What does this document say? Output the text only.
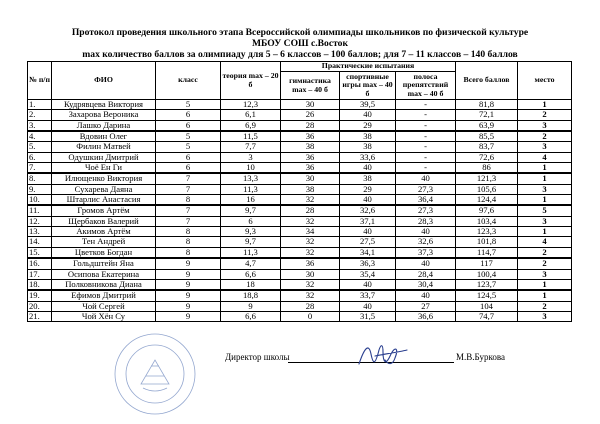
Протокол проведения школьного этапа Всероссийской олимпиады школьников по физической культуре
МБОУ СОШ с.Восток
max количество баллов за олимпиаду для 5 – 6 классов – 100 баллов; для 7 – 11 классов – 140 баллов
№ п/п	ФИО	класс	теория max – 20 б	Практические испытания			Всего баллов	место
				гимнастика max – 40 б	спортивные игры max – 40 б	полоса препятствий max – 40 б		
1.	Кудрявцева Виктория	5	12,3	30	39,5	-	81,8	1
2.	Захарова Вероника	6	6,1	26	40	-	72,1	2
3.	Лашко Дарина	6	6,9	28	29	-	63,9	3
4.	Вдовин Олег	5	11,5	36	38	-	85,5	2
5.	Филин Матвей	5	7,7	38	38	-	83,7	3
6.	Одушкин Дмитрий	6	3	36	33,6	-	72,6	4
7.	Чоё Ен Ги	6	10	36	40	-	86	1
8.	Илющенко Виктория	7	13,3	30	38	40	121,3	1
9.	Сухарева Даяна	7	11,3	38	29	27,3	105,6	3
10.	Штарлис Анастасия	8	16	32	40	36,4	124,4	1
11.	Громов Артём	7	9,7	28	32,6	27,3	97,6	5
12.	Щербаков Валерий	7	6	32	37,1	28,3	103,4	3
13.	Акимов Артём	8	9,3	34	40	40	123,3	1
14.	Тен Андрей	8	9,7	32	27,5	32,6	101,8	4
15.	Цветков Богдан	8	11,3	32	34,1	37,3	114,7	2
16.	Гольдштейн Яна	9	4,7	36	36,3	40	117	2
17.	Осипова Екатерина	9	6,6	30	35,4	28,4	100,4	3
18.	Полковникова Диана	9	18	32	40	30,4	123,7	1
19.	Ефимов Дмитрий	9	18,8	32	33,7	40	124,5	1
20.	Чой Сергей	9	9	28	40	27	104	2
21.	Чой Хён Су	9	6,6	0	31,5	36,6	74,7	3
Директор школы	М.В.Буркова
